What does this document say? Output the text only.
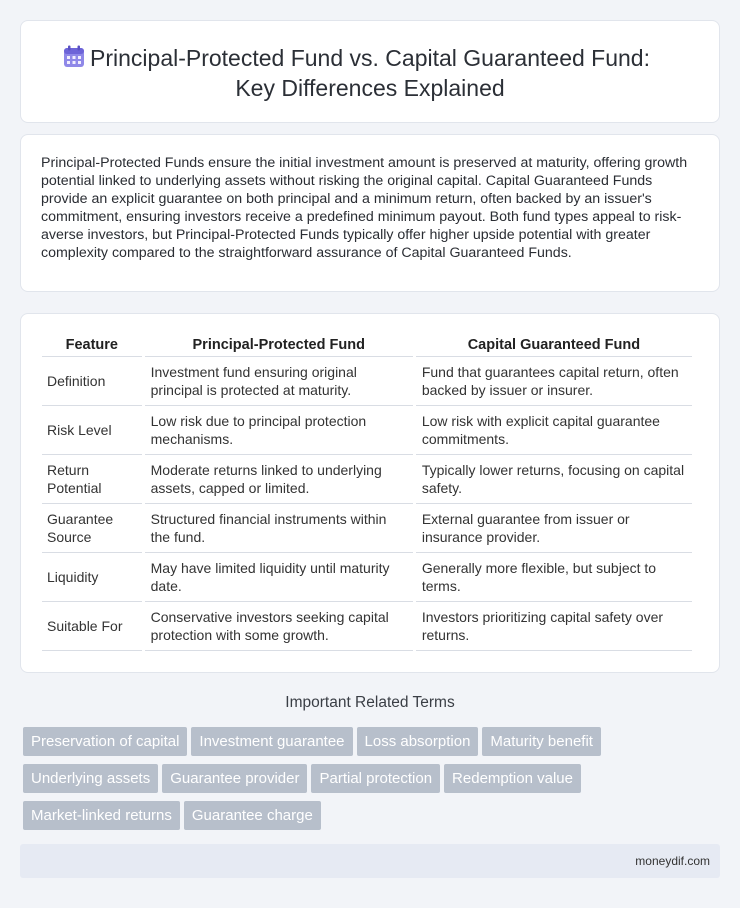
Principal-Protected Fund vs. Capital Guaranteed Fund:
Key Differences Explained

Principal-Protected Funds ensure the initial investment amount is preserved at maturity, offering growth potential linked to underlying assets without risking the original capital. Capital Guaranteed Funds provide an explicit guarantee on both principal and a minimum return, often backed by an issuer's commitment, ensuring investors receive a predefined minimum payout. Both fund types appeal to risk-averse investors, but Principal-Protected Funds typically offer higher upside potential with greater complexity compared to the straightforward assurance of Capital Guaranteed Funds.

Feature	Principal-Protected Fund	Capital Guaranteed Fund
Definition	Investment fund ensuring original principal is protected at maturity.	Fund that guarantees capital return, often backed by issuer or insurer.
Risk Level	Low risk due to principal protection mechanisms.	Low risk with explicit capital guarantee commitments.
Return Potential	Moderate returns linked to underlying assets, capped or limited.	Typically lower returns, focusing on capital safety.
Guarantee Source	Structured financial instruments within the fund.	External guarantee from issuer or insurance provider.
Liquidity	May have limited liquidity until maturity date.	Generally more flexible, but subject to terms.
Suitable For	Conservative investors seeking capital protection with some growth.	Investors prioritizing capital safety over returns.
Important Related Terms
Preservation of capital Investment guarantee Loss absorption Maturity benefit
Underlying assets Guarantee provider Partial protection Redemption value
Market-linked returns Guarantee charge
moneydif.com
